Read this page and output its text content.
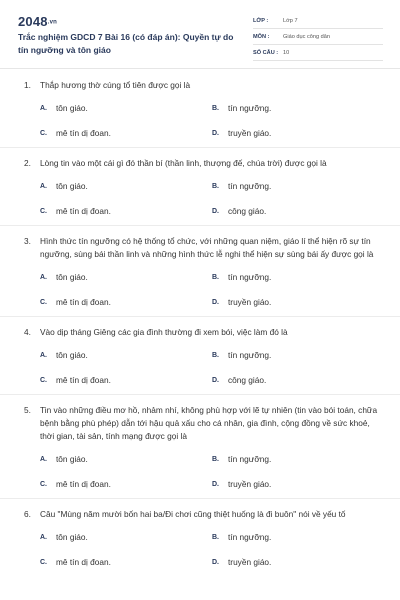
2048.vn
Trắc nghiệm GDCD 7 Bài 16 (có đáp án): Quyền tự do tín ngưỡng và tôn giáo
LỚP :	Lớp 7
MÔN :	Giáo dục công dân
SỐ CÂU : 10
1.	Thắp hương thờ cúng tổ tiên được gọi là
A.	tôn giáo.	B.	tín ngưỡng.
C.	mê tín dị đoan.	D.	truyền giáo.
2.	Lòng tin vào một cái gì đó thần bí (thần linh, thượng đế, chúa trời) được gọi là
A.	tôn giáo.	B.	tín ngưỡng.
C.	mê tín dị đoan.	D.	công giáo.
3.	Hình thức tín ngưỡng có hệ thống tổ chức, với những quan niệm, giáo lí thể hiện rõ sự tín ngưỡng, sùng bái thần linh và những hình thức lễ nghi thể hiện sự sùng bái ấy được gọi là
A.	tôn giáo.	B.	tín ngưỡng.
C.	mê tín dị đoan.	D.	truyền giáo.
4.	Vào dịp tháng Giêng các gia đình thường đi xem bói, việc làm đó là
A.	tôn giáo.	B.	tín ngưỡng.
C.	mê tín dị đoan.	D.	công giáo.
5.	Tin vào những điều mơ hồ, nhảm nhí, không phù hợp với lẽ tự nhiên (tin vào bói toán, chữa bệnh bằng phù phép) dẫn tới hậu quả xấu cho cá nhân, gia đình, cộng đồng về sức khoẻ, thời gian, tài sản, tính mạng được gọi là
A.	tôn giáo.	B.	tín ngưỡng.
C.	mê tín dị đoan.	D.	truyền giáo.
6.	Câu "Mùng năm mười bốn hai ba/Đi chơi cũng thiệt huống là đi buôn" nói về yếu tố
A.	tôn giáo.	B.	tín ngưỡng.
C.	mê tín dị đoan.	D.	truyền giáo.
